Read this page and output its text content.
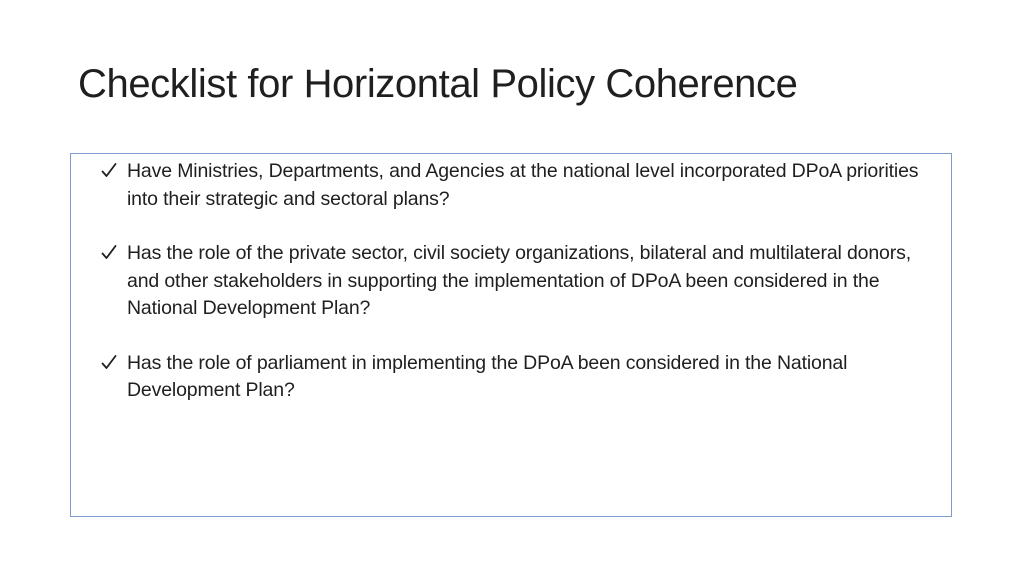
Checklist for Horizontal Policy Coherence
Have Ministries, Departments, and Agencies at the national level incorporated DPoA priorities into their strategic and sectoral plans?
Has the role of the private sector, civil society organizations, bilateral and multilateral donors, and other stakeholders in supporting the implementation of DPoA been considered in the National Development Plan?
Has the role of parliament in implementing the DPoA been considered in the National Development Plan?
